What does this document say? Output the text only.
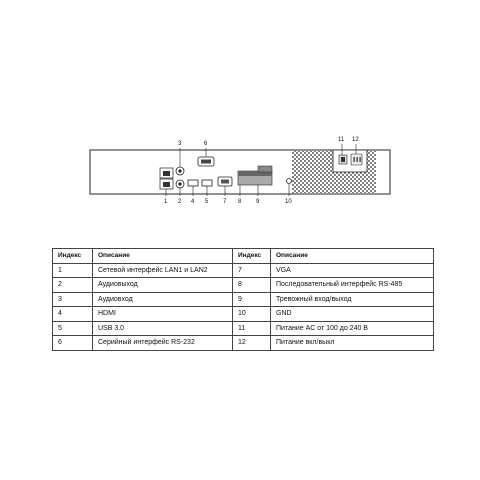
1 2
3
4 5
6
7 8 9	10
11 12
Индекс	Описание	Индекс	Описание
1	Сетевой интерфейс LAN1 и LAN2	7	VGA
2	Аудиовыход	8	Последовательный интерфейс RS-485
3	Аудиовход	9	Тревожный вход/выход
4	HDMI	10	GND
5	USB 3.0	11	Питание AC от 100 до 240 В
6	Серийный интерфейс RS-232	12	Питание вкл/выкл
